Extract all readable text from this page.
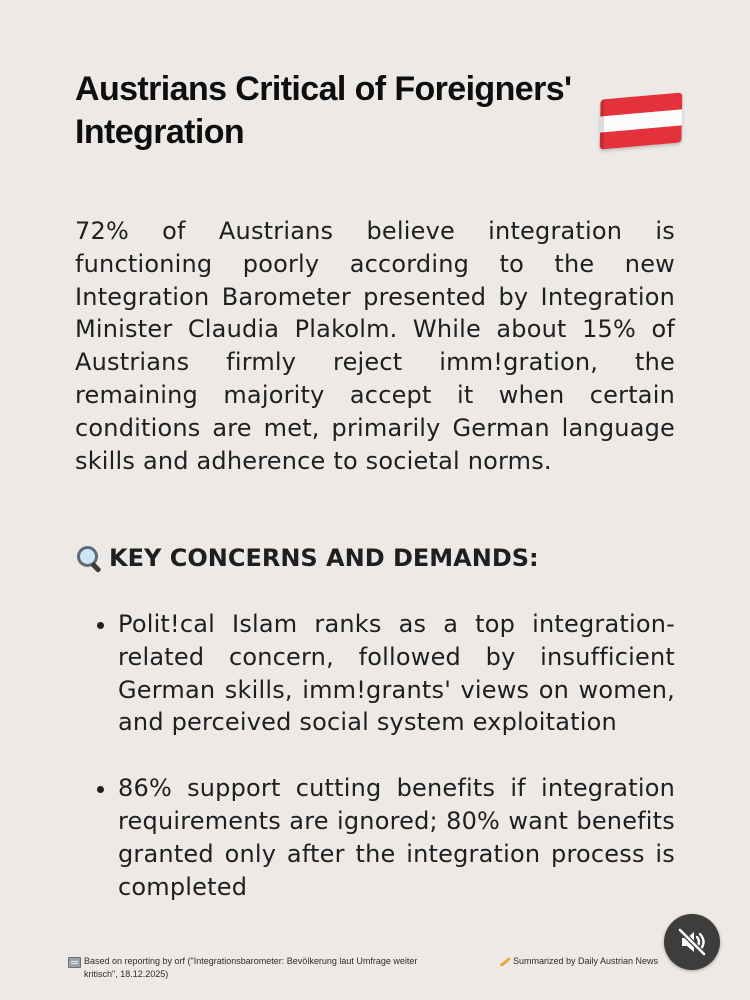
Austrians Critical of Foreigners' Integration

72% of Austrians believe integration is functioning poorly according to the new Integration Barometer presented by Integration Minister Claudia Plakolm. While about 15% of Austrians firmly reject imm!gration, the remaining majority accept it when certain conditions are met, primarily German language skills and adherence to societal norms.

KEY CONCERNS AND DEMANDS:
Polit!cal Islam ranks as a top integration-related concern, followed by insufficient German skills, imm!grants' views on women, and perceived social system exploitation
86% support cutting benefits if integration requirements are ignored; 80% want benefits granted only after the integration process is completed
Based on reporting by orf ("Integrationsbarometer: Bevölkerung laut Umfrage weiter kritisch", 18.12.2025)
Summarized by Daily Austrian News
